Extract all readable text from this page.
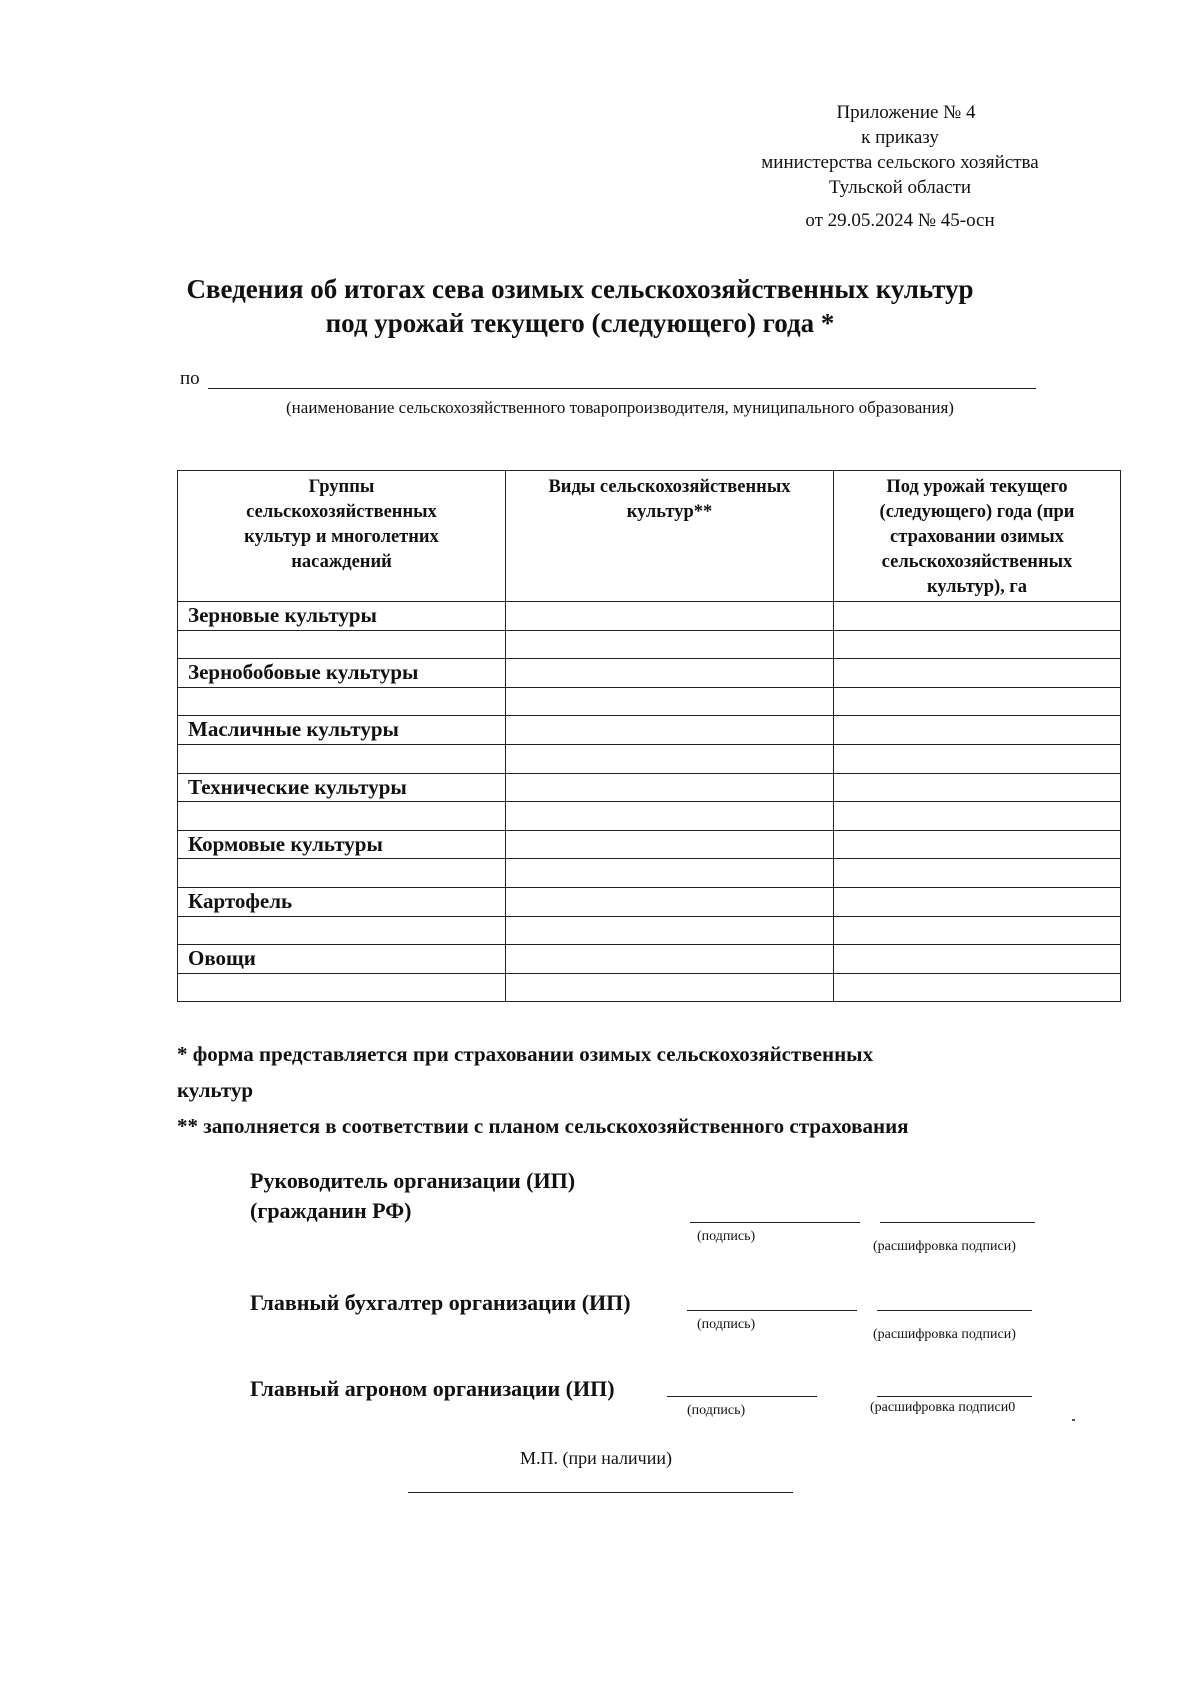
Приложение № 4
к приказу
министерства сельского хозяйства
Тульской области
от 29.05.2024 № 45-осн
Сведения об итогах сева озимых сельскохозяйственных культур
под урожай текущего (следующего) года *
по
(наименование сельскохозяйственного товаропроизводителя, муниципального образования)
Группы сельскохозяйственных культур и многолетних насаждений	Виды сельскохозяйственных культур**	Под урожай текущего (следующего) года (при страховании озимых сельскохозяйственных культур), га

Зерновые культуры		

Зернобобовые культуры		

Масличные культуры		

Технические культуры		

Кормовые культуры		

Картофель		

Овощи		

* форма представляется при страховании озимых сельскохозяйственных
культур
** заполняется в соответствии с планом сельскохозяйственного страхования
Руководитель организации (ИП)
(гражданин РФ)
(подпись)
(расшифровка подписи)
Главный бухгалтер организации (ИП)
(подпись)
(расшифровка подписи)
Главный агроном организации (ИП)
(подпись)	(расшифровка подписи0
М.П. (при наличии)
